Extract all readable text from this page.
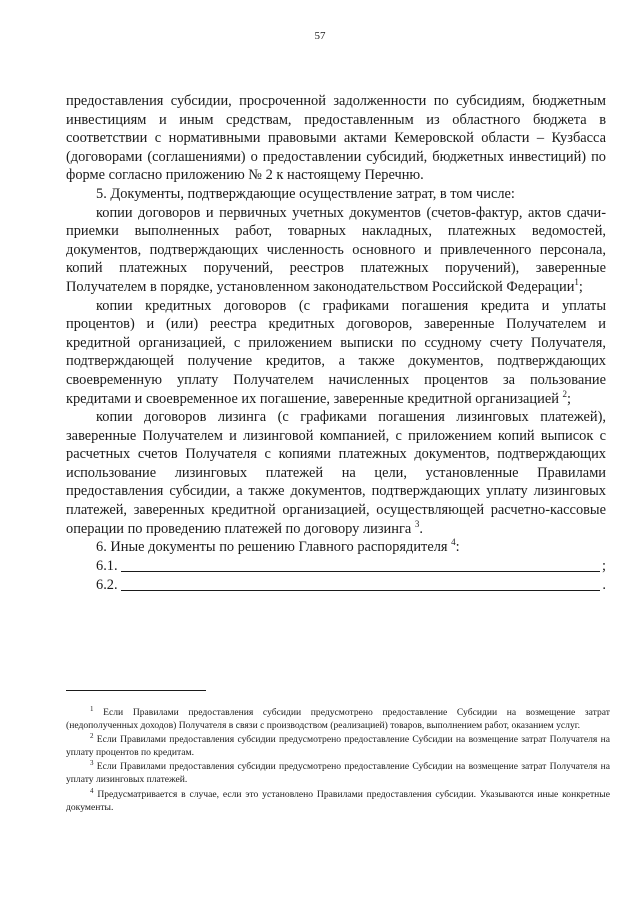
57

предоставления субсидии, просроченной задолженности по субсидиям, бюджетным инвестициям и иным средствам, предоставленным из областного бюджета в соответствии с нормативными правовыми актами Кемеровской области – Кузбасса (договорами (соглашениями) о предоставлении субсидий, бюджетных инвестиций) по форме согласно приложению № 2 к настоящему Перечню.

5. Документы, подтверждающие осуществление затрат, в том числе:

копии договоров и первичных учетных документов (счетов-фактур, актов сдачи-приемки выполненных работ, товарных накладных, платежных ведомостей, документов, подтверждающих численность основного и привлеченного персонала, копий платежных поручений, реестров платежных поручений), заверенные Получателем в порядке, установленном законодательством Российской Федерации$^1$;

копии кредитных договоров (с графиками погашения кредита и уплаты процентов) и (или) реестра кредитных договоров, заверенные Получателем и кредитной организацией, с приложением выписки по ссудному счету Получателя, подтверждающей получение кредитов, а также документов, подтверждающих своевременную уплату Получателем начисленных процентов за пользование кредитами и своевременное их погашение, заверенные кредитной организацией $^2$;

копии договоров лизинга (с графиками погашения лизинговых платежей), заверенные Получателем и лизинговой компанией, с приложением копий выписок с расчетных счетов Получателя с копиями платежных документов, подтверждающих использование лизинговых платежей на цели, установленные Правилами предоставления субсидии, а также документов, подтверждающих уплату лизинговых платежей, заверенных кредитной организацией, осуществляющей расчетно-кассовые операции по проведению платежей по договору лизинга $^3$.

6. Иные документы по решению Главного распорядителя $^4$:

6.1.	;
6.2.	.

$^1$ Если Правилами предоставления субсидии предусмотрено предоставление Субсидии на возмещение затрат (недополученных доходов) Получателя в связи с производством (реализацией) товаров, выполнением работ, оказанием услуг.

$^2$ Если Правилами предоставления субсидии предусмотрено предоставление Субсидии на возмещение затрат Получателя на уплату процентов по кредитам.

$^3$ Если Правилами предоставления субсидии предусмотрено предоставление Субсидии на возмещение затрат Получателя на уплату лизинговых платежей.

$^4$ Предусматривается в случае, если это установлено Правилами предоставления субсидии. Указываются иные конкретные документы.
